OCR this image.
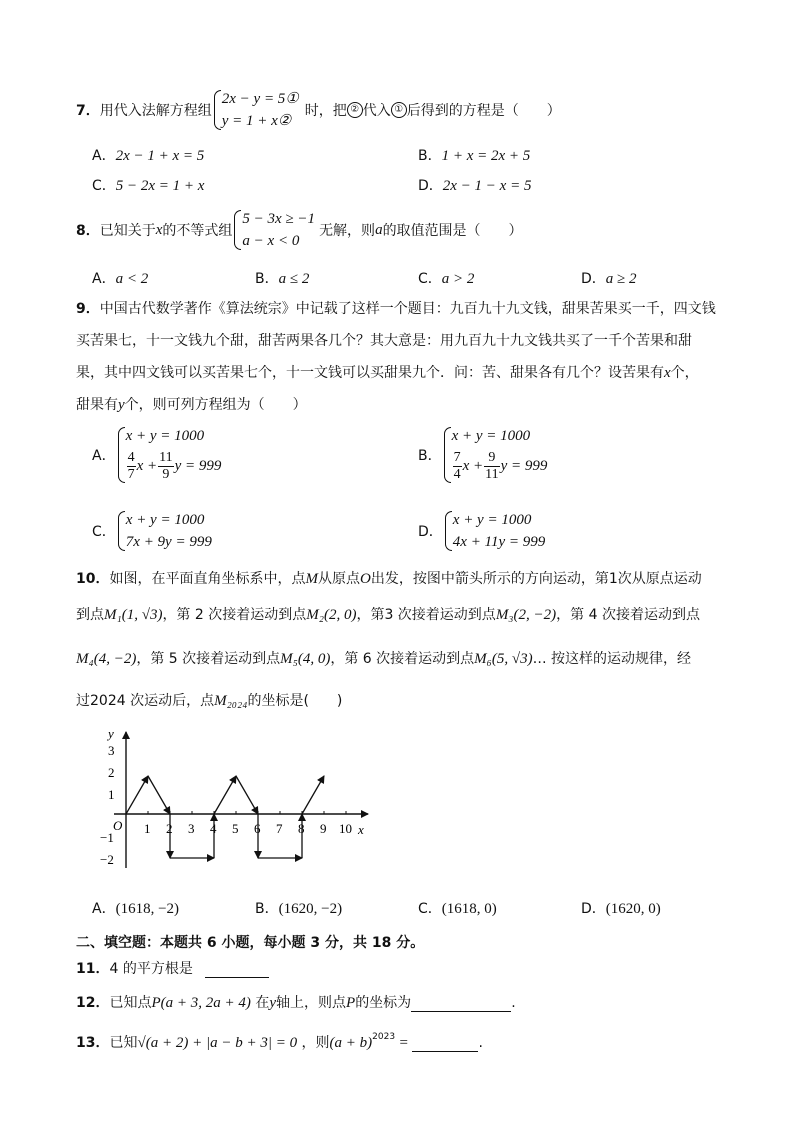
7． 用代入法解方程组
2x − y = 5①
y = 1 + x②
时，把 ② 代入 ① 后得到的方程是（　　）
A．2x − 1 + x = 5	B．1 + x = 2x + 5
C．5 − 2x = 1 + x	D．2x − 1 − x = 5
8． 已知关于 x 的不等式组
5 − 3x ≥ −1
a − x < 0
无解，则 a 的取值范围是（　　）
A．a < 2	B．a ≤ 2	C．a > 2	D．a ≥ 2
9．中国古代数学著作《算法统宗》中记载了这样一个题目：九百九十九文钱，甜果苦果买一千，四文钱
买苦果七，十一文钱九个甜，甜苦两果各几个？其大意是：用九百九十九文钱共买了一千个苦果和甜
果，其中四文钱可以买苦果七个，十一文钱可以买甜果九个．问：苦、甜果各有几个？设苦果有x个，
甜果有y个，则可列方程组为（　　）
A．
x + y = 1000
$\frac{4}{7}$ $x + \frac{11}{9}$ y = 999
B．
x + y = 1000
$\frac{7}{4}$ $x + \frac{9}{11}$ y = 999
C．
x + y = 1000
7x + 9y = 999
D．
x + y = 1000
4x + 11y = 999
10．如图，在平面直角坐标系中，点M从原点O出发，按图中箭头所示的方向运动，第1次从原点运动
到点M₁(1, √3)，第 2 次接着运动到点M₂(2, 0)，第3 次接着运动到点M₃(2, −2)，第 4 次接着运动到点
M₄(4, −2)，第 5 次接着运动到点M₅(4, 0)，第 6 次接着运动到点M₆(5, √3)… 按这样的运动规律，经
过2024 次运动后，点M₂₀₂₄的坐标是(　　)
y
x
O 1 2 3 4 5 6 7 8 9 10
3
2
1
−1
−2
A．(1618, −2)	B．(1620, −2)	C．(1618, 0)	D．(1620, 0)
二、填空题：本题共 6 小题，每小题 3 分，共 18 分。
11．4 的平方根是
12．已知点P(a + 3, 2a + 4) 在y轴上，则点P的坐标为	.
13．已知√(a + 2) + |a − b + 3| = 0 ，则$(a + b)^{2023}$ =	.
